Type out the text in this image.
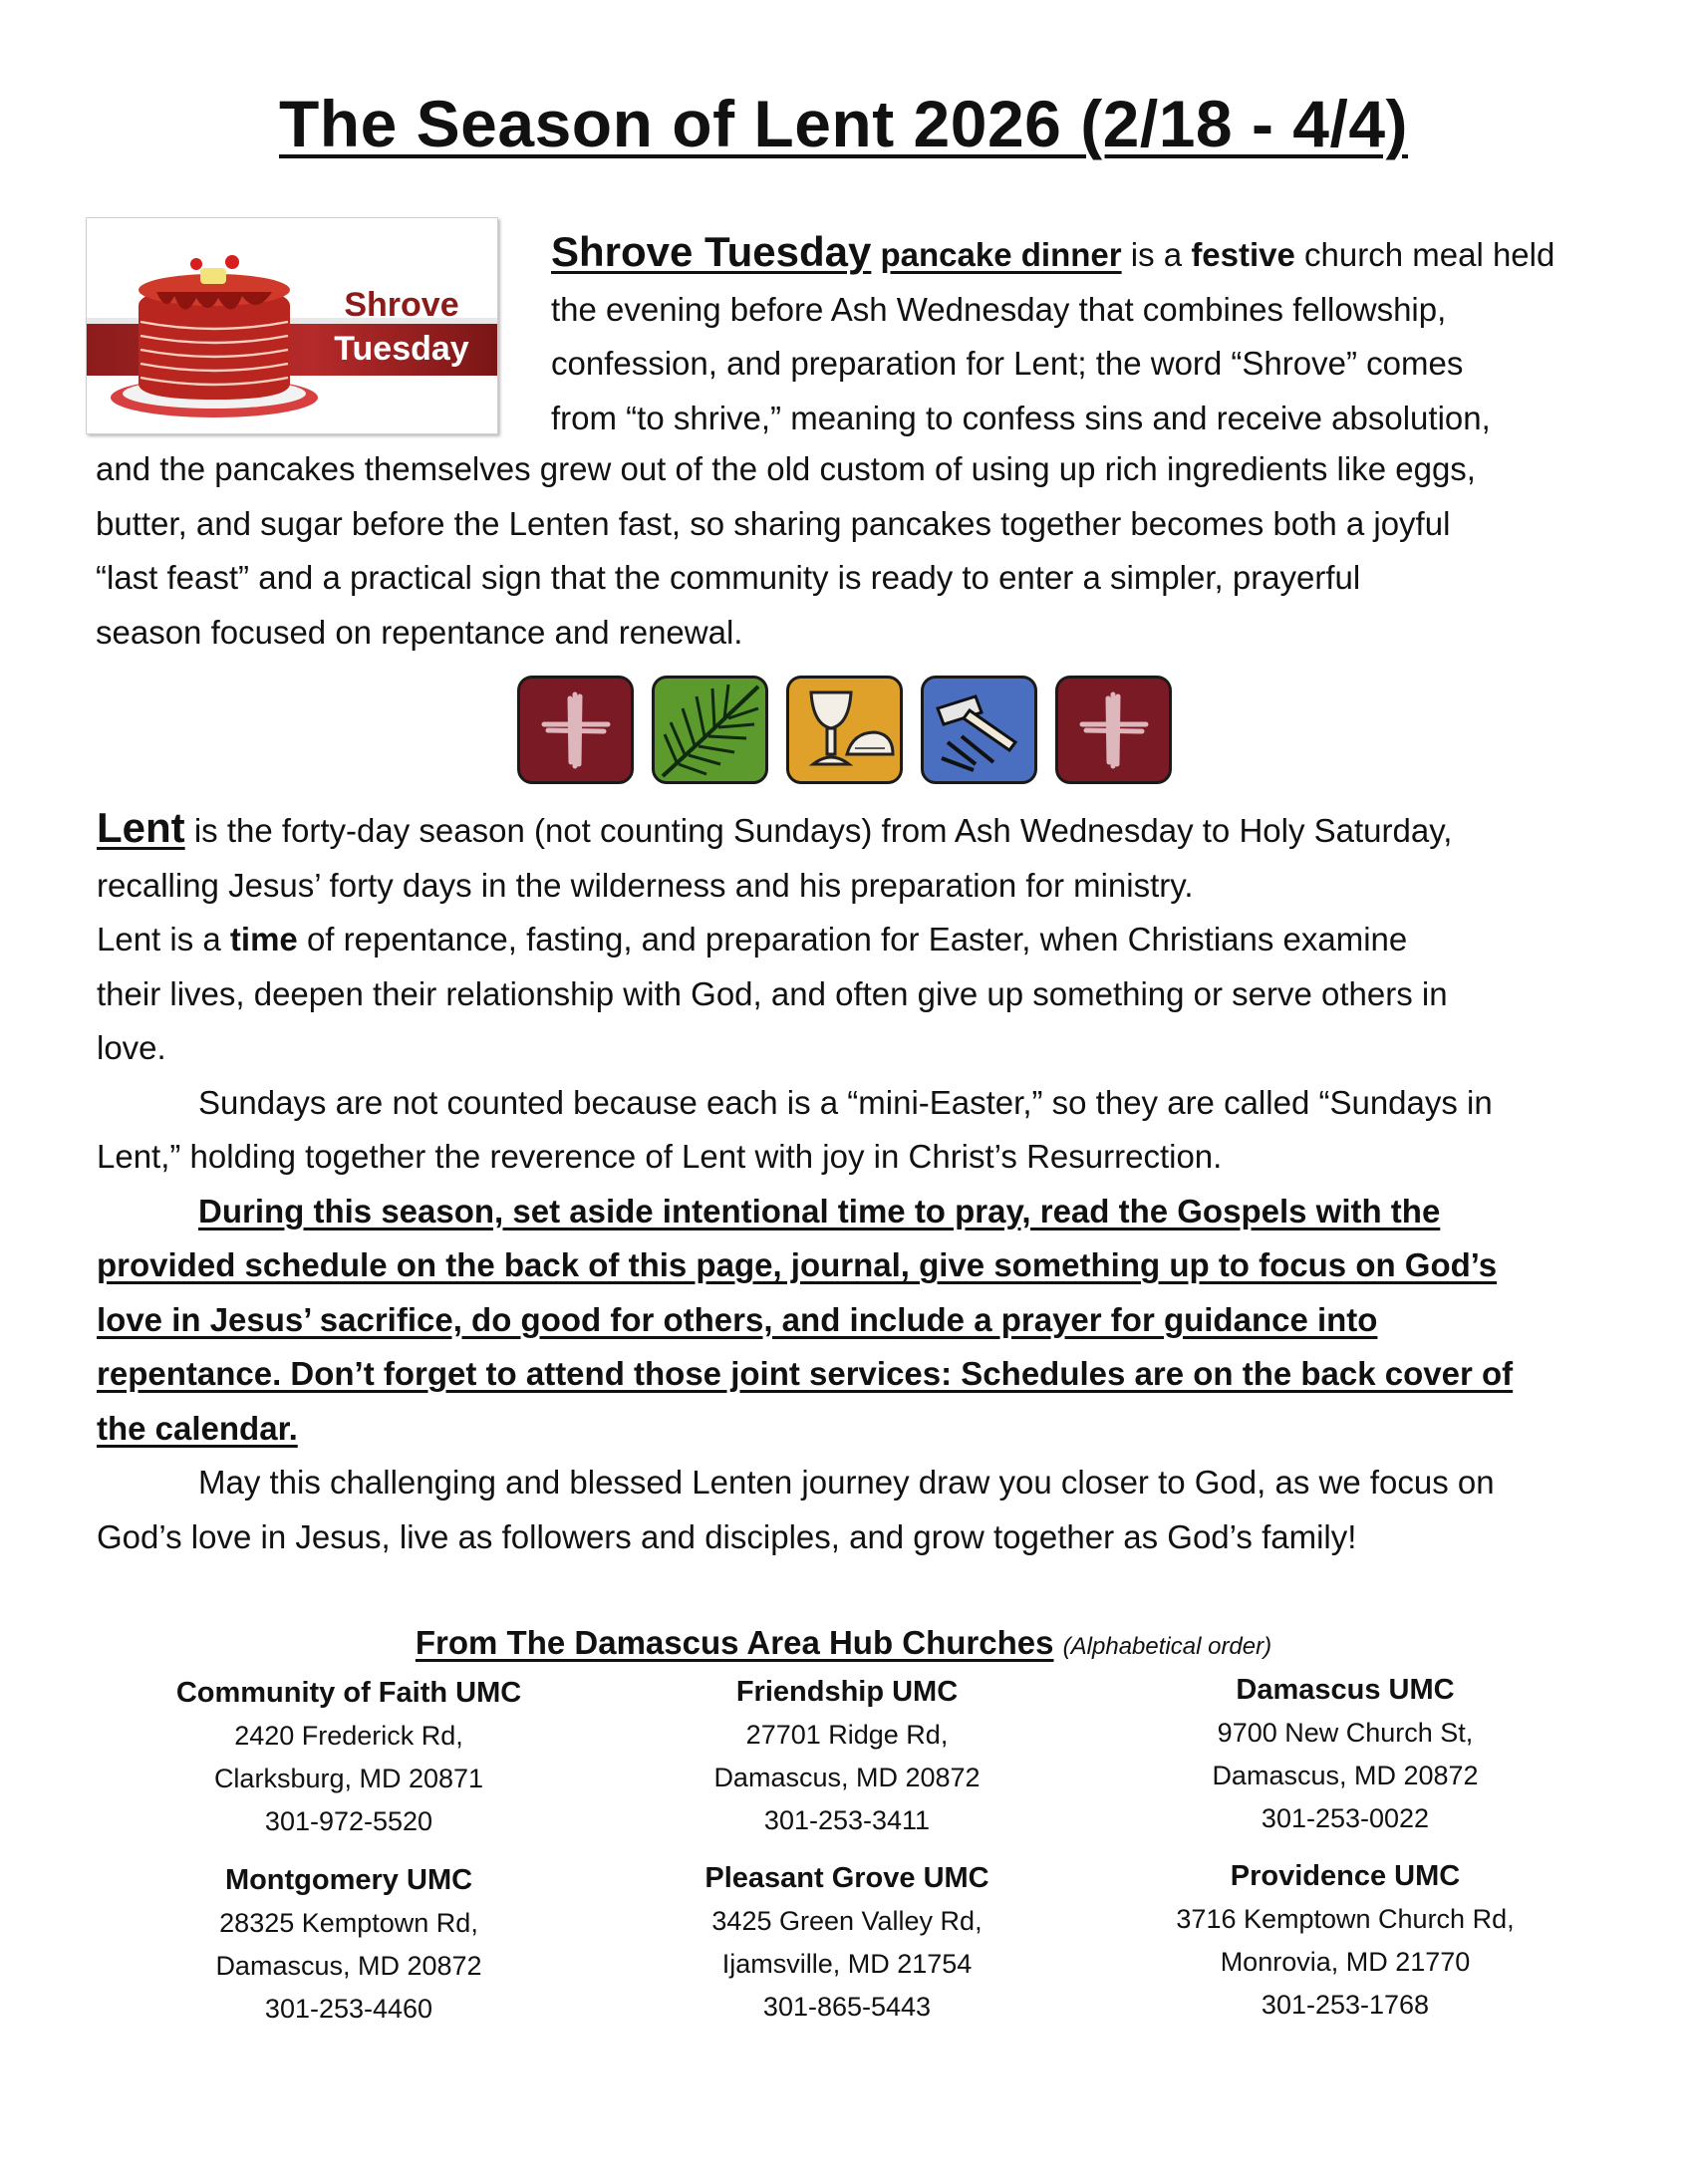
The Season of Lent 2026 (2/18 - 4/4)
Shrove
Tuesday
Shrove Tuesday pancake dinner is a festive church meal held
the evening before Ash Wednesday that combines fellowship,
confession, and preparation for Lent; the word “Shrove” comes
from “to shrive,” meaning to confess sins and receive absolution,
and the pancakes themselves grew out of the old custom of using up rich ingredients like eggs,
butter, and sugar before the Lenten fast, so sharing pancakes together becomes both a joyful
“last feast” and a practical sign that the community is ready to enter a simpler, prayerful
season focused on repentance and renewal.
Lent is the forty-day season (not counting Sundays) from Ash Wednesday to Holy Saturday,
recalling Jesus’ forty days in the wilderness and his preparation for ministry.
Lent is a time of repentance, fasting, and preparation for Easter, when Christians examine
their lives, deepen their relationship with God, and often give up something or serve others in
love.
Sundays are not counted because each is a “mini-Easter,” so they are called “Sundays in
Lent,” holding together the reverence of Lent with joy in Christ’s Resurrection.
During this season, set aside intentional time to pray, read the Gospels with the
provided schedule on the back of this page, journal, give something up to focus on God’s
love in Jesus’ sacrifice, do good for others, and include a prayer for guidance into
repentance. Don’t forget to attend those joint services: Schedules are on the back cover of
the calendar.
May this challenging and blessed Lenten journey draw you closer to God, as we focus on
God’s love in Jesus, live as followers and disciples, and grow together as God’s family!
From The Damascus Area Hub Churches (Alphabetical order)
Community of Faith UMC
2420 Frederick Rd,
Clarksburg, MD 20871
301-972-5520
Friendship UMC
27701 Ridge Rd,
Damascus, MD 20872
301-253-3411
Damascus UMC
9700 New Church St,
Damascus, MD 20872
301-253-0022
Montgomery UMC
28325 Kemptown Rd,
Damascus, MD 20872
301-253-4460
Pleasant Grove UMC
3425 Green Valley Rd,
Ijamsville, MD 21754
301-865-5443
Providence UMC
3716 Kemptown Church Rd,
Monrovia, MD 21770
301-253-1768
